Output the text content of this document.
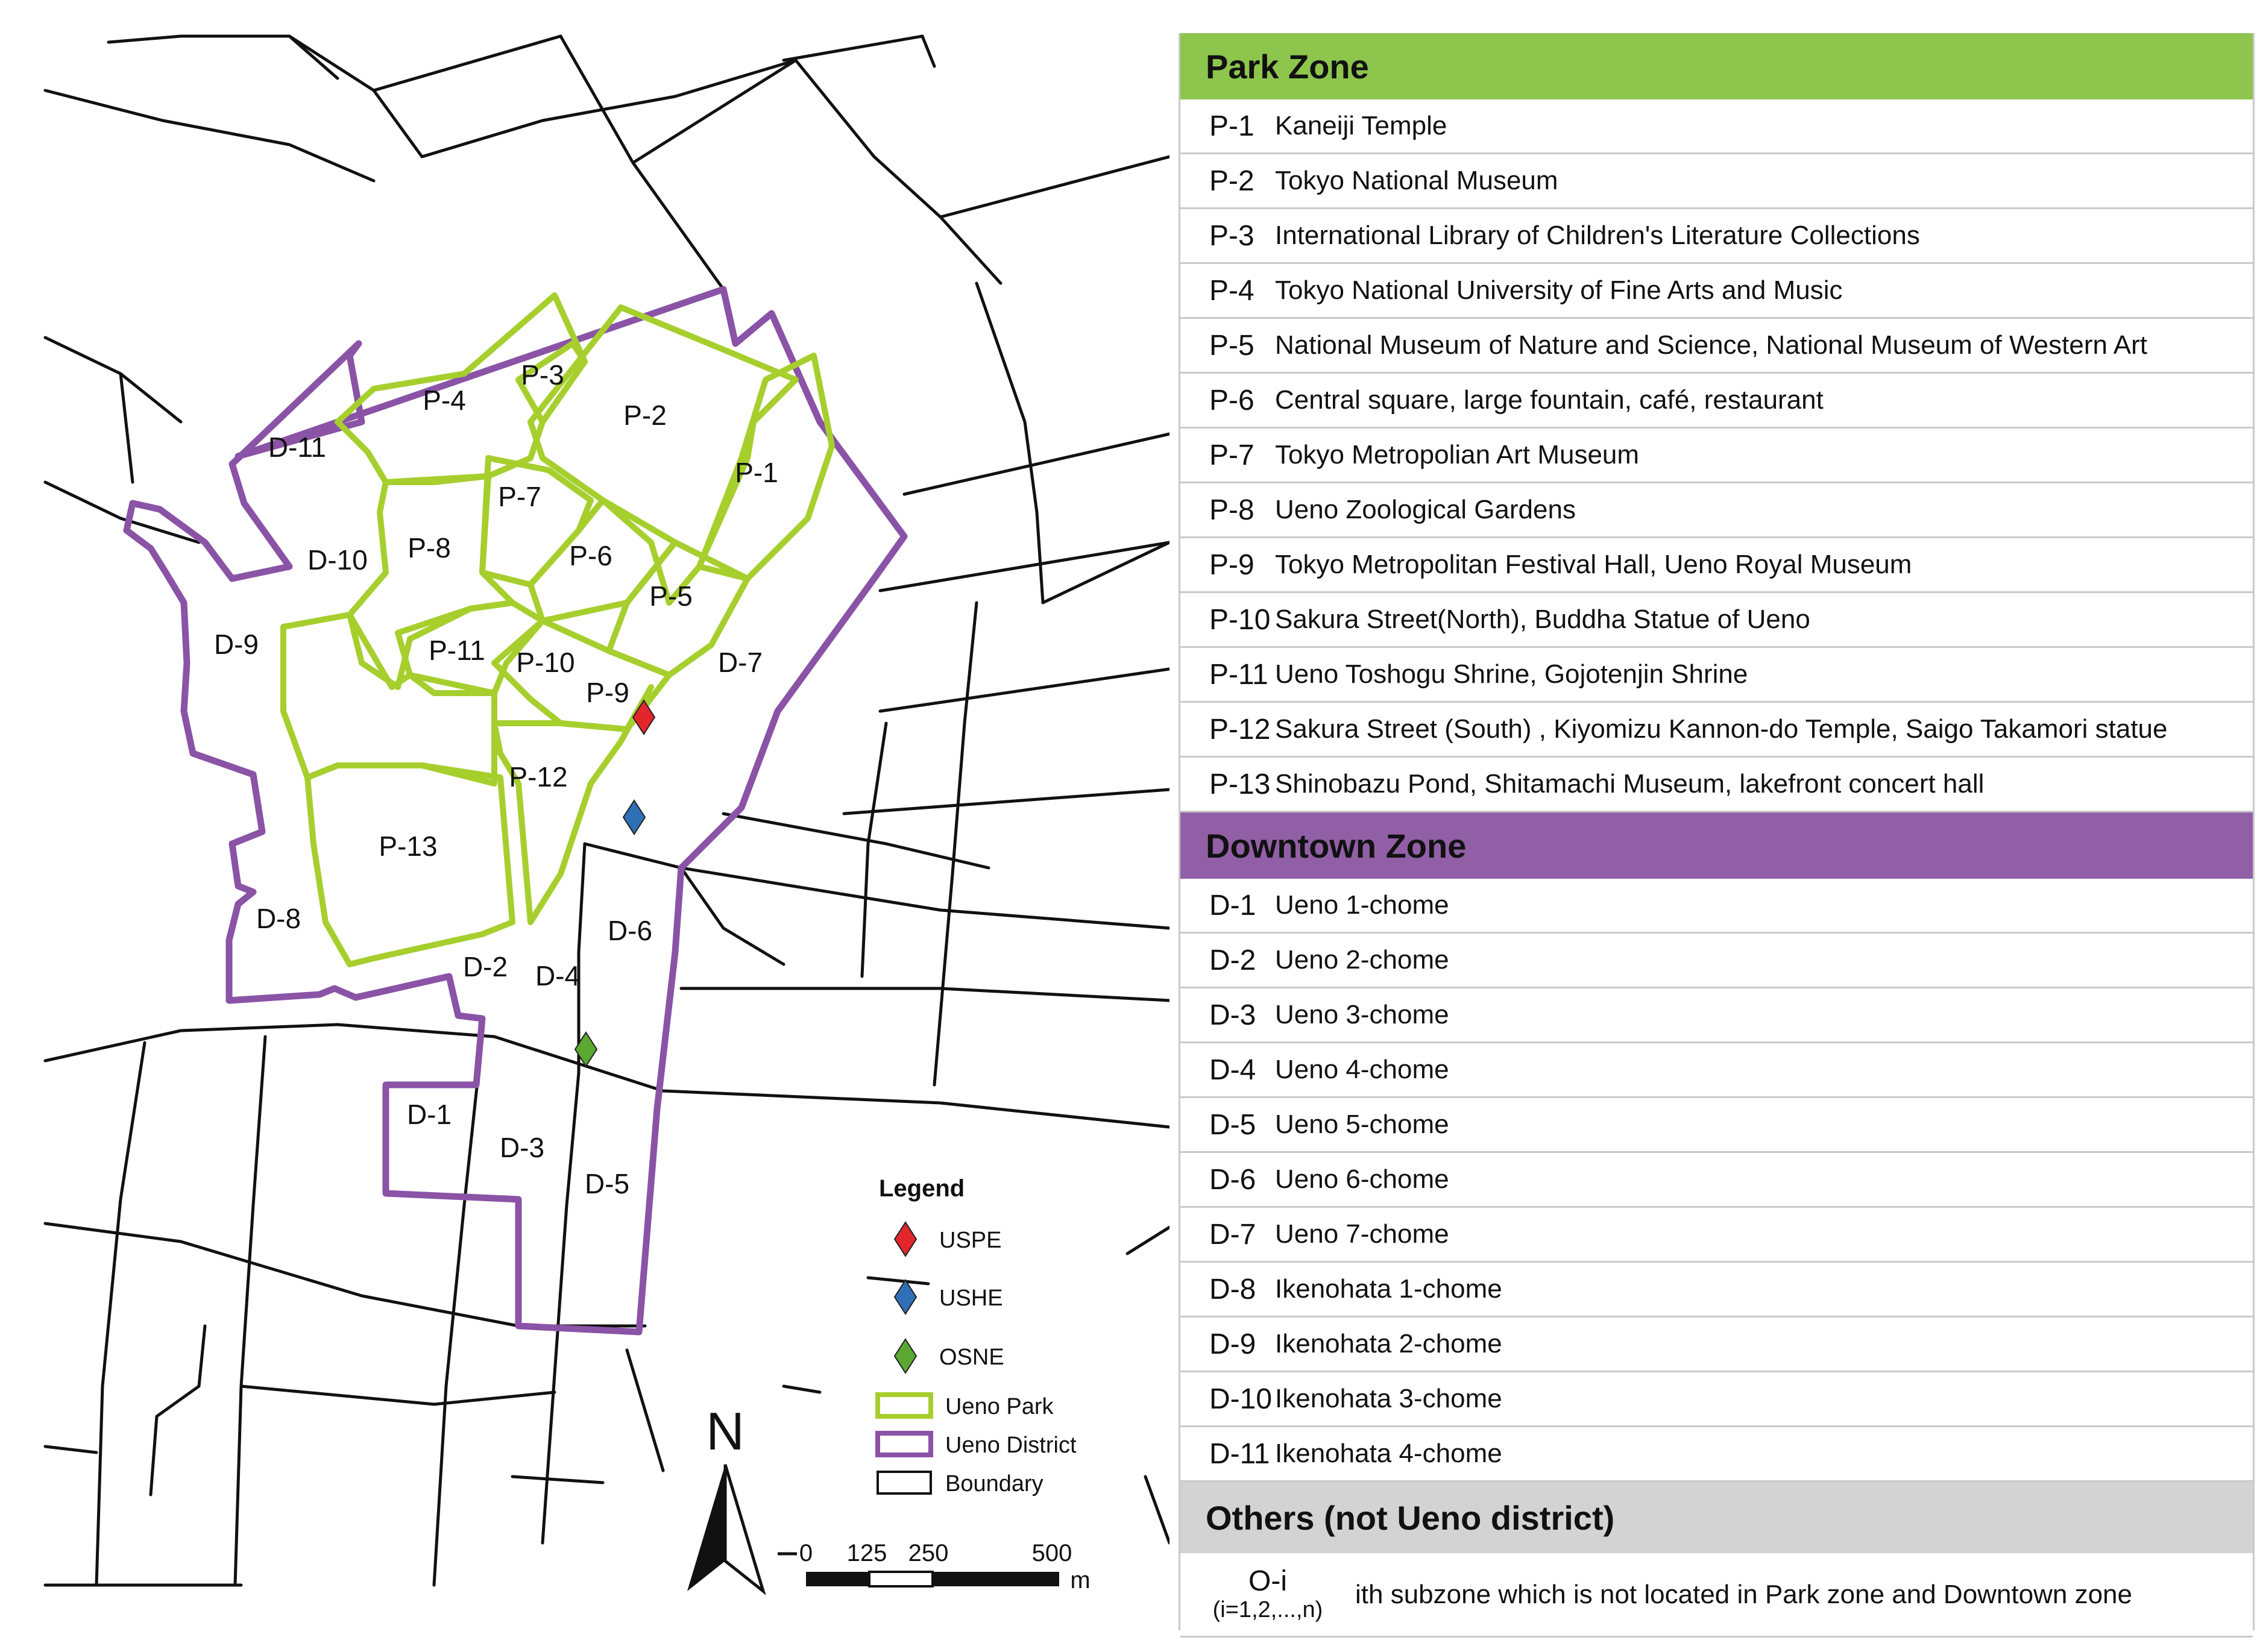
P-1
P-2
P-3
P-4
P-5
P-6
P-7
P-8
P-9
P-10
P-11
P-12
P-13
D-1
D-2
D-3
D-4
D-5
D-6
D-7
D-8
D-9
D-10
D-11
Legend
USPE
USHE
OSNE
Ueno Park
Ueno District
Boundary
N
0 125 250	500
m
Park Zone
P-1 Kaneiji Temple
P-2 Tokyo National Museum
P-3 International Library of Children's Literature Collections
P-4 Tokyo National University of Fine Arts and Music
P-5 National Museum of Nature and Science, National Museum of Western Art
P-6 Central square, large fountain, café, restaurant
P-7 Tokyo Metropolian Art Museum
P-8 Ueno Zoological Gardens
P-9 Tokyo Metropolitan Festival Hall, Ueno Royal Museum
P-10 Sakura Street(North), Buddha Statue of Ueno
P-11 Ueno Toshogu Shrine, Gojotenjin Shrine
P-12 Sakura Street (South) , Kiyomizu Kannon-do Temple, Saigo Takamori statue
P-13 Shinobazu Pond, Shitamachi Museum, lakefront concert hall
Downtown Zone
D-1 Ueno 1-chome
D-2 Ueno 2-chome
D-3 Ueno 3-chome
D-4 Ueno 4-chome
D-5 Ueno 5-chome
D-6 Ueno 6-chome
D-7 Ueno 7-chome
D-8 Ikenohata 1-chome
D-9 Ikenohata 2-chome
D-10 Ikenohata 3-chome
D-11 Ikenohata 4-chome
Others (not Ueno district)
O-i
(i=1,2,...,n)
ith subzone which is not located in Park zone and Downtown zone
